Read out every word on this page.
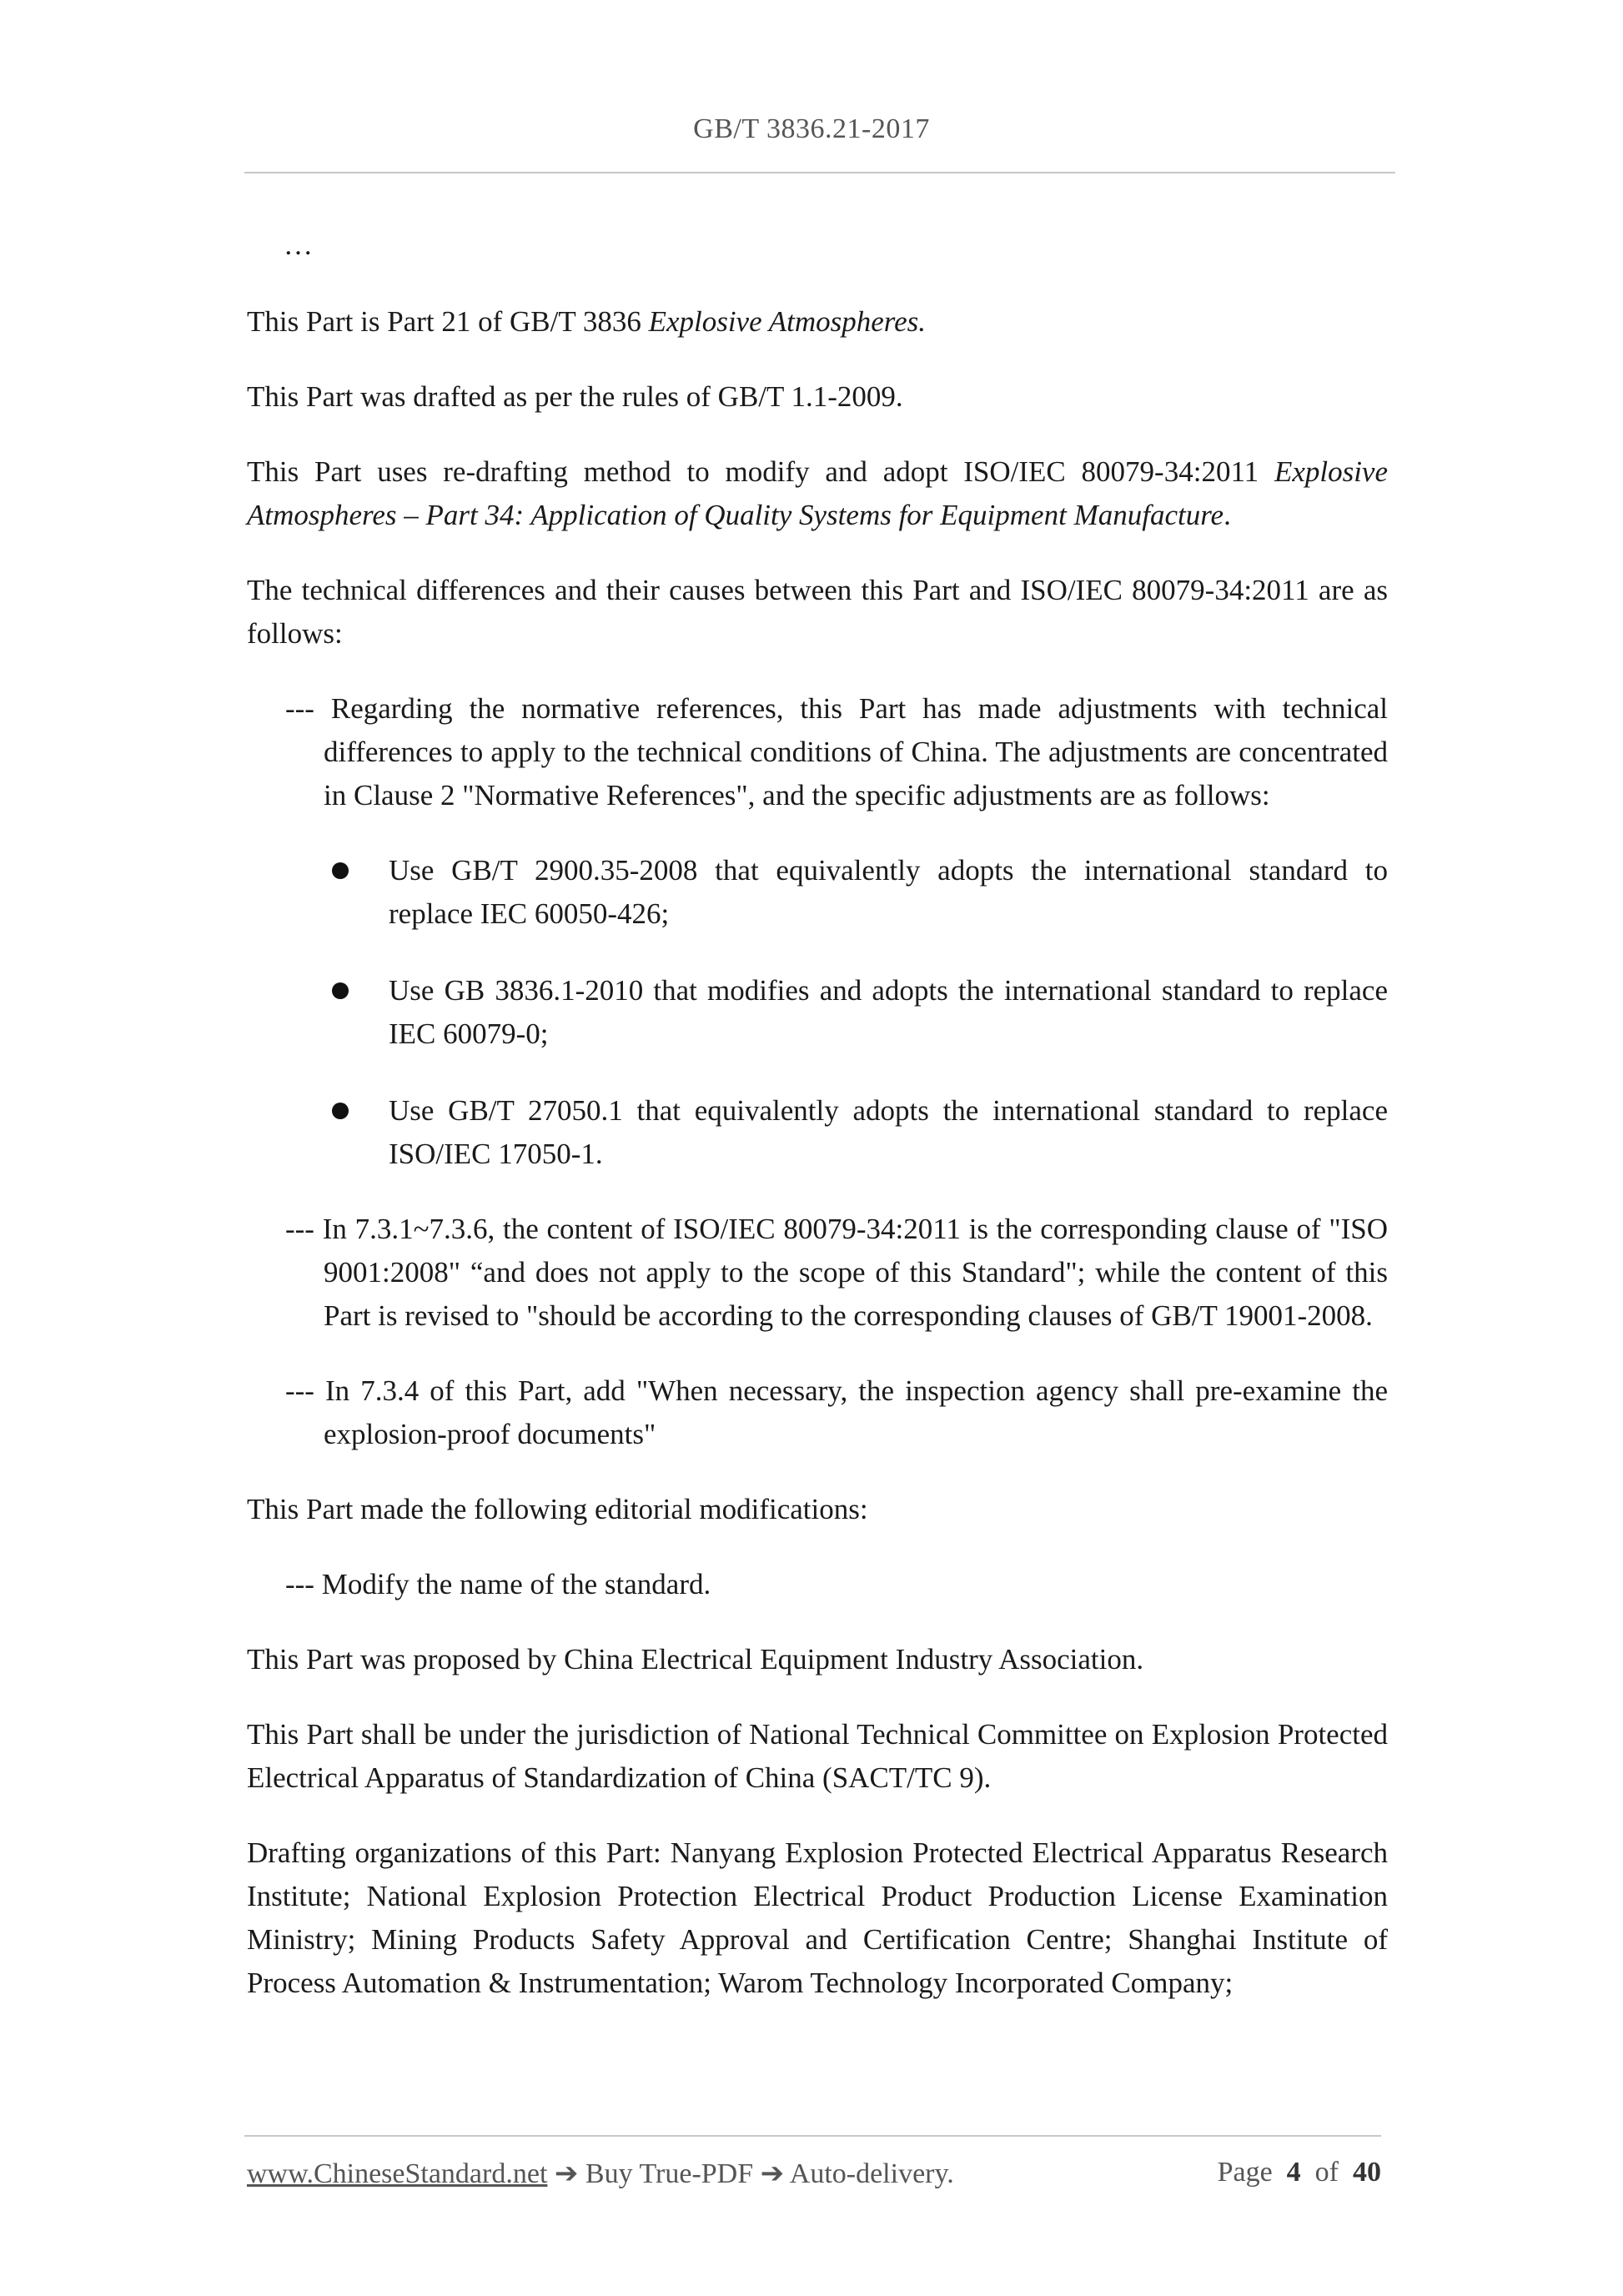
GB/T 3836.21-2017

…

This Part is Part 21 of GB/T 3836 Explosive Atmospheres.

This Part was drafted as per the rules of GB/T 1.1-2009.

This Part uses re-drafting method to modify and adopt ISO/IEC 80079-34:2011 Explosive Atmospheres – Part 34: Application of Quality Systems for Equipment Manufacture.

The technical differences and their causes between this Part and ISO/IEC 80079-34:2011 are as follows:

--- Regarding the normative references, this Part has made adjustments with technical differences to apply to the technical conditions of China. The adjustments are concentrated in Clause 2 "Normative References", and the specific adjustments are as follows:

Use GB/T 2900.35-2008 that equivalently adopts the international standard to replace IEC 60050-426;
Use GB 3836.1-2010 that modifies and adopts the international standard to replace IEC 60079-0;
Use GB/T 27050.1 that equivalently adopts the international standard to replace ISO/IEC 17050-1.

--- In 7.3.1~7.3.6, the content of ISO/IEC 80079-34:2011 is the corresponding clause of "ISO 9001:2008" “and does not apply to the scope of this Standard"; while the content of this Part is revised to "should be according to the corresponding clauses of GB/T 19001-2008.

--- In 7.3.4 of this Part, add "When necessary, the inspection agency shall pre-examine the explosion-proof documents"

This Part made the following editorial modifications:

--- Modify the name of the standard.

This Part was proposed by China Electrical Equipment Industry Association.

This Part shall be under the jurisdiction of National Technical Committee on Explosion Protected Electrical Apparatus of Standardization of China (SACT/TC 9).

Drafting organizations of this Part: Nanyang Explosion Protected Electrical Apparatus Research Institute; National Explosion Protection Electrical Product Production License Examination Ministry; Mining Products Safety Approval and Certification Centre; Shanghai Institute of Process Automation & Instrumentation; Warom Technology Incorporated Company;

www.ChineseStandard.net ➔ Buy True-PDF ➔ Auto-delivery.	Page 4 of 40
